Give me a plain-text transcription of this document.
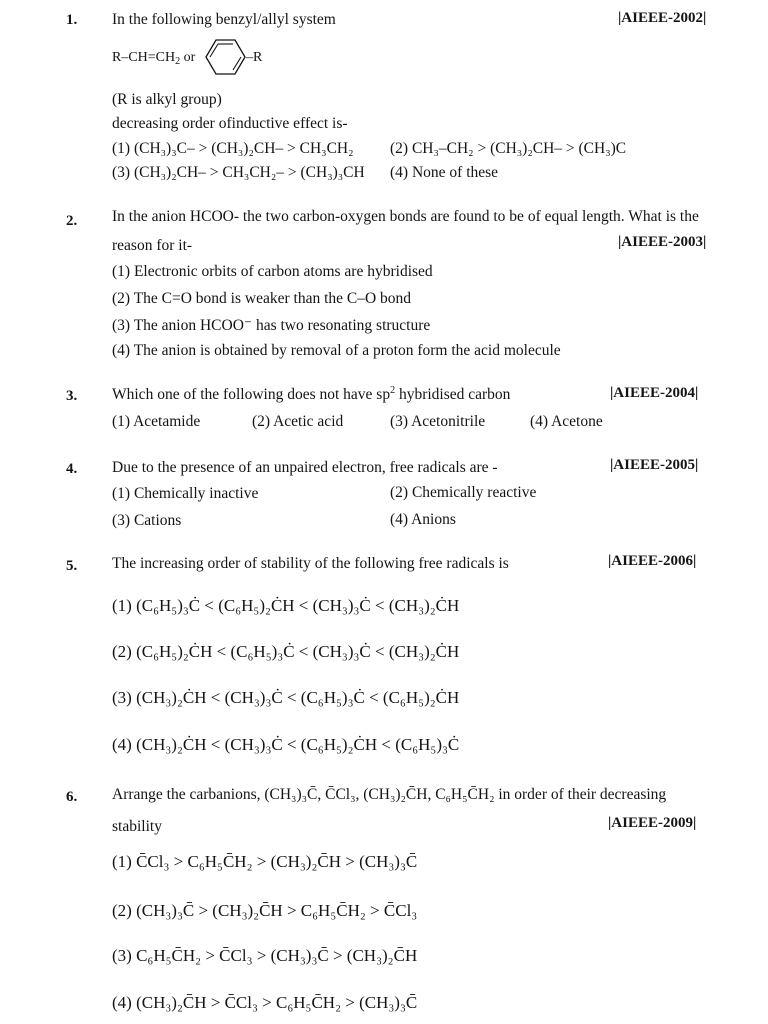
1. In the following benzyl/allyl system	|AIEEE-2002|
$R-CH=CH_2$ or	–R
(R is alkyl group)
decreasing order ofinductive effect is-
(1) (CH₃)₃C– > (CH₃)₂CH– > CH₃CH₂ (2) CH₃–CH₂ > (CH₃)₂CH– > (CH₃)C
(3) (CH₃)₂CH– > CH₃CH₂– > (CH₃)₃CH (4) None of these
2. In the anion HCOO- the two carbon-oxygen bonds are found to be of equal length. What is the
reason for it-	|AIEEE-2003|
(1) Electronic orbits of carbon atoms are hybridised
(2) The C=O bond is weaker than the C–O bond
(3) The anion HCOO⁻ has two resonating structure
(4) The anion is obtained by removal of a proton form the acid molecule
3. Which one of the following does not have $sp^2$ hybridised carbon	|AIEEE-2004|
(1) Acetamide	(2) Acetic acid	(3) Acetonitrile	(4) Acetone
4. Due to the presence of an unpaired electron, free radicals are -	|AIEEE-2005|
(1) Chemically inactive	(2) Chemically reactive
(3) Cations	(4) Anions
5. The increasing order of stability of the following free radicals is	|AIEEE-2006|
(1) (C₆H₅)₃Ċ < (C₆H₅)₂ĊH < (CH₃)₃Ċ < (CH₃)₂ĊH
(2) (C₆H₅)₂ĊH < (C₆H₅)₃Ċ < (CH₃)₃Ċ < (CH₃)₂ĊH
(3) (CH₃)₂ĊH < (CH₃)₃Ċ < (C₆H₅)₃Ċ < (C₆H₅)₂ĊH
(4) (CH₃)₂ĊH < (CH₃)₃Ċ < (C₆H₅)₂ĊH < (C₆H₅)₃Ċ
6. Arrange the carbanions, (CH₃)₃C̄, C̄Cl₃, (CH₃)₂C̄H, C₆H₅C̄H₂ in order of their decreasing
stability	|AIEEE-2009|
(1) C̄Cl₃ > C₆H₅C̄H₂ > (CH₃)₂C̄H > (CH₃)₃C̄
(2) (CH₃)₃C̄ > (CH₃)₂C̄H > C₆H₅C̄H₂ > C̄Cl₃
(3) C₆H₅C̄H₂ > C̄Cl₃ > (CH₃)₃C̄ > (CH₃)₂C̄H
(4) (CH₃)₂C̄H > C̄Cl₃ > C₆H₅C̄H₂ > (CH₃)₃C̄
